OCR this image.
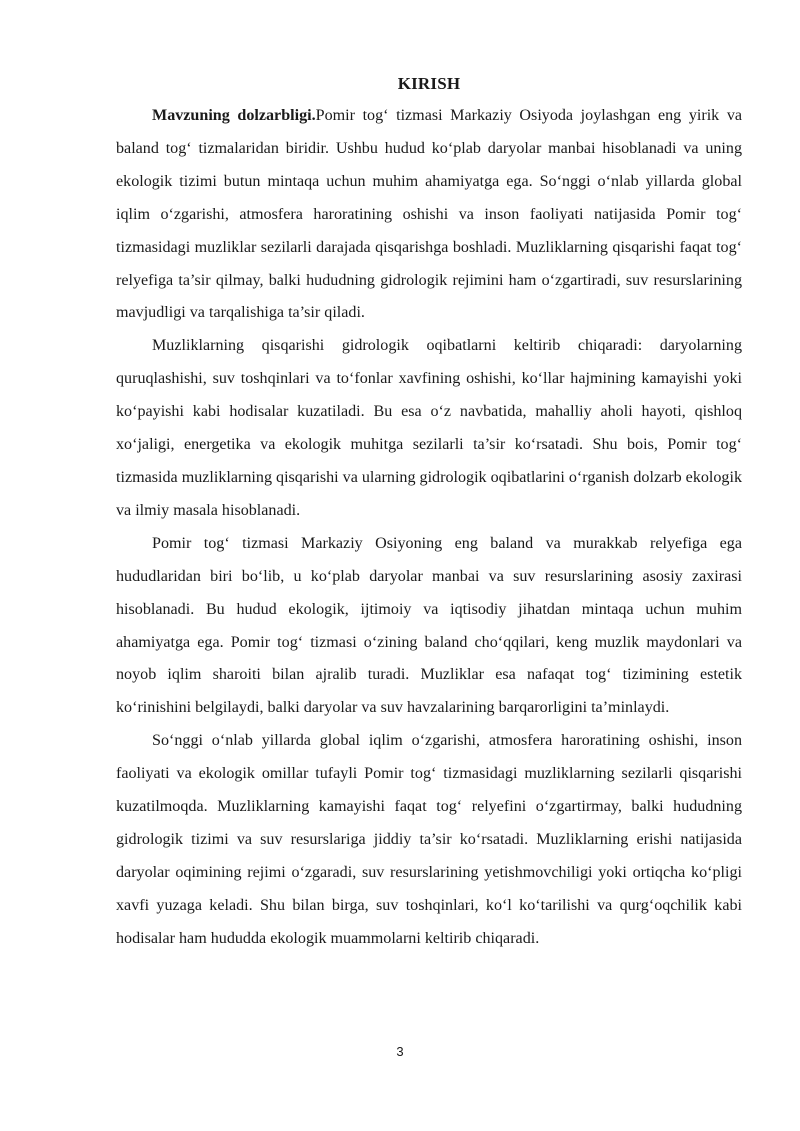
KIRISH

Mavzuning dolzarbligi.Pomir tog‘ tizmasi Markaziy Osiyoda joylashgan eng yirik va baland tog‘ tizmalaridan biridir. Ushbu hudud ko‘plab daryolar manbai hisoblanadi va uning ekologik tizimi butun mintaqa uchun muhim ahamiyatga ega. So‘nggi o‘nlab yillarda global iqlim o‘zgarishi, atmosfera haroratining oshishi va inson faoliyati natijasida Pomir tog‘ tizmasidagi muzliklar sezilarli darajada qisqarishga boshladi. Muzliklarning qisqarishi faqat tog‘ relyefiga ta’sir qilmay, balki hududning gidrologik rejimini ham o‘zgartiradi, suv resurslarining mavjudligi va tarqalishiga ta’sir qiladi.

Muzliklarning qisqarishi gidrologik oqibatlarni keltirib chiqaradi: daryolarning quruqlashishi, suv toshqinlari va to‘fonlar xavfining oshishi, ko‘llar hajmining kamayishi yoki ko‘payishi kabi hodisalar kuzatiladi. Bu esa o‘z navbatida, mahalliy aholi hayoti, qishloq xo‘jaligi, energetika va ekologik muhitga sezilarli ta’sir ko‘rsatadi. Shu bois, Pomir tog‘ tizmasida muzliklarning qisqarishi va ularning gidrologik oqibatlarini o‘rganish dolzarb ekologik va ilmiy masala hisoblanadi.

Pomir tog‘ tizmasi Markaziy Osiyoning eng baland va murakkab relyefiga ega hududlaridan biri bo‘lib, u ko‘plab daryolar manbai va suv resurslarining asosiy zaxirasi hisoblanadi. Bu hudud ekologik, ijtimoiy va iqtisodiy jihatdan mintaqa uchun muhim ahamiyatga ega. Pomir tog‘ tizmasi o‘zining baland cho‘qqilari, keng muzlik maydonlari va noyob iqlim sharoiti bilan ajralib turadi. Muzliklar esa nafaqat tog‘ tizimining estetik ko‘rinishini belgilaydi, balki daryolar va suv havzalarining barqarorligini ta’minlaydi.

So‘nggi o‘nlab yillarda global iqlim o‘zgarishi, atmosfera haroratining oshishi, inson faoliyati va ekologik omillar tufayli Pomir tog‘ tizmasidagi muzliklarning sezilarli qisqarishi kuzatilmoqda. Muzliklarning kamayishi faqat tog‘ relyefini o‘zgartirmay, balki hududning gidrologik tizimi va suv resurslariga jiddiy ta’sir ko‘rsatadi. Muzliklarning erishi natijasida daryolar oqimining rejimi o‘zgaradi, suv resurslarining yetishmovchiligi yoki ortiqcha ko‘pligi xavfi yuzaga keladi. Shu bilan birga, suv toshqinlari, ko‘l ko‘tarilishi va qurg‘oqchilik kabi hodisalar ham hududda ekologik muammolarni keltirib chiqaradi.

3
